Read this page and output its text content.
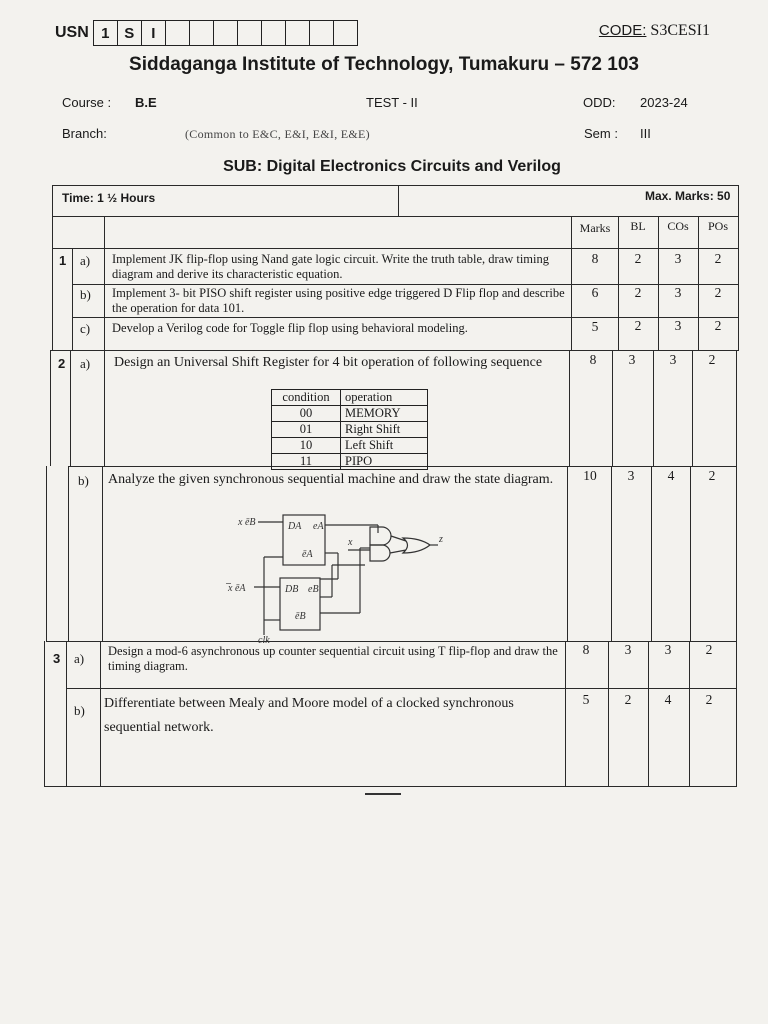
USN 1 S	I	CODE: S3CESI1
Siddaganga Institute of Technology, Tumakuru – 572 103
Course : B.E	TEST - II	ODD: 2023-24
Branch:	(Common to E&C, E&I, E&I, E&E)	Sem : III
SUB: Digital Electronics Circuits and Verilog
Time: 1 ½ Hours	Max. Marks: 50
Marks	BL	COs	POs
1 a) Implement JK flip-flop using Nand gate logic circuit. Write the truth table, draw timing diagram and derive its characteristic equation.
8	2	3	2
b) Implement 3- bit PISO shift register using positive edge triggered D Flip flop and describe the operation for data 101.
6	2	3	2
c) Develop a Verilog code for Toggle flip flop using behavioral modeling.	5	2	3	2
2 a) Design an Universal Shift Register for 4 bit operation of following sequence	8	3	3	2
condition	operation
00	MEMORY
01	Right Shift
10	Left Shift
11	PIPO
b) Analyze the given synchronous sequential machine and draw the state diagram.	10	3	4	2
x ēB
̅x ēA
DA eA
ēA
DB eB
ēB
x	z
clk
3 a) Design a mod-6 asynchronous up counter sequential circuit using T flip-flop and draw the timing diagram.
8	3	3	2
b) Differentiate between Mealy and Moore model of a clocked synchronous sequential network.
5	2	4	2
